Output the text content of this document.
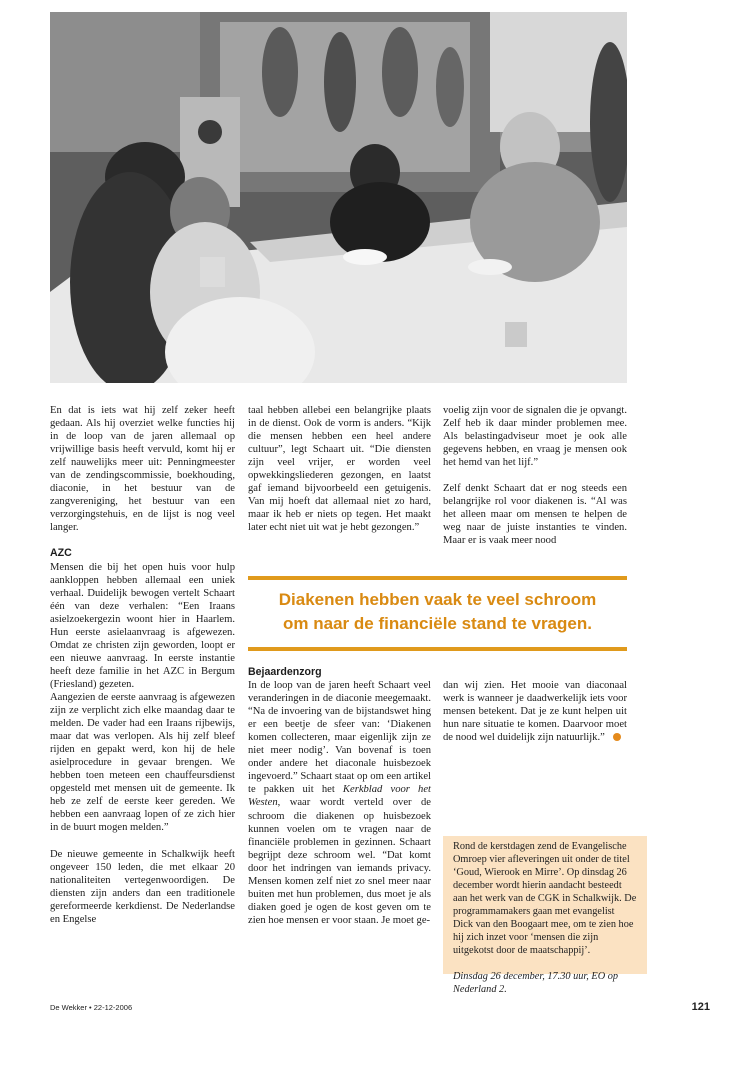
En dat is iets wat hij zelf zeker heeft gedaan. Als hij overziet welke functies hij in de loop van de jaren allemaal op vrijwillige basis heeft vervuld, komt hij er zelf nauwelijks meer uit: Penningmeester van de zendingscommissie, boekhouding, diaconie, in het bestuur van de zangvereniging, het bestuur van een verzorgingstehuis, en de lijst is nog veel langer.

AZC

Mensen die bij het open huis voor hulp aankloppen hebben allemaal een uniek verhaal. Duidelijk bewogen vertelt Schaart één van deze verhalen: “Een Iraans asielzoekergezin woont hier in Haarlem. Hun eerste asielaanvraag is afgewezen. Omdat ze christen zijn geworden, loopt er een nieuwe aanvraag. In eerste instantie heeft deze familie in het AZC in Bergum (Friesland) gezeten.

Aangezien de eerste aanvraag is afgewezen zijn ze verplicht zich elke maandag daar te melden. De vader had een Iraans rijbewijs, maar dat was verlopen. Als hij zelf bleef rijden en gepakt werd, kon hij de hele asielprocedure in gevaar brengen. We hebben toen meteen een chauffeursdienst opgesteld met mensen uit de gemeente. Ik heb ze zelf de eerste keer gereden. We hebben een aanvraag lopen of ze zich hier in de buurt mogen melden.”

De nieuwe gemeente in Schalkwijk heeft ongeveer 150 leden, die met elkaar 20 nationaliteiten vertegenwoordigen. De diensten zijn anders dan een traditionele gereformeerde kerkdienst. De Nederlandse en Engelse

taal hebben allebei een belangrijke plaats in de dienst. Ook de vorm is anders. “Kijk die mensen hebben een heel andere cultuur”, legt Schaart uit. “Die diensten zijn veel vrijer, er worden veel opwekkingsliederen gezongen, en laatst gaf iemand bijvoorbeeld een getuigenis. Van mij hoeft dat allemaal niet zo hard, maar ik heb er niets op tegen. Het maakt later echt niet uit wat je hebt gezongen.”

voelig zijn voor de signalen die je opvangt. Zelf heb ik daar minder problemen mee. Als belastingadviseur moet je ook alle gegevens hebben, en vraag je mensen ook het hemd van het lijf.”

Zelf denkt Schaart dat er nog steeds een belangrijke rol voor diakenen is. “Al was het alleen maar om mensen te helpen de weg naar de juiste instanties te vinden. Maar er is vaak meer nood

Diakenen hebben vaak te veel schroom
om naar de financiële stand te vragen.
Bejaardenzorg

In de loop van de jaren heeft Schaart veel veranderingen in de diaconie meegemaakt. “Na de invoering van de bijstandswet hing er een beetje de sfeer van: ‘Diakenen komen collecteren, maar eigenlijk zijn ze niet meer nodig’. Van bovenaf is toen onder andere het diaconale huisbezoek ingevoerd.” Schaart staat op om een artikel te pakken uit het Kerkblad voor het Westen, waar wordt verteld over de schroom die diakenen op huisbezoek kunnen voelen om te vragen naar de financiële problemen in gezinnen. Schaart begrijpt deze schroom wel. “Dat komt door het indringen van iemands privacy. Mensen komen zelf niet zo snel meer naar buiten met hun problemen, dus moet je als diaken goed je ogen de kost geven om te zien hoe mensen er voor staan. Je moet ge-

dan wij zien. Het mooie van diaconaal werk is wanneer je daadwerkelijk iets voor mensen betekent. Dat je ze kunt helpen uit hun nare situatie te komen. Daarvoor moet de nood wel duidelijk zijn natuurlijk.”

Rond de kerstdagen zend de Evangelische Omroep vier afleveringen uit onder de titel ‘Goud, Wierook en Mirre’. Op dinsdag 26 december wordt hierin aandacht besteedt aan het werk van de CGK in Schalkwijk. De programmamakers gaan met evangelist Dick van den Boogaart mee, om te zien hoe hij zich inzet voor ‘mensen die zijn uitgekotst door de maatschappij’.

Dinsdag 26 december, 17.30 uur, EO op Nederland 2.

De Wekker • 22-12-2006	121
